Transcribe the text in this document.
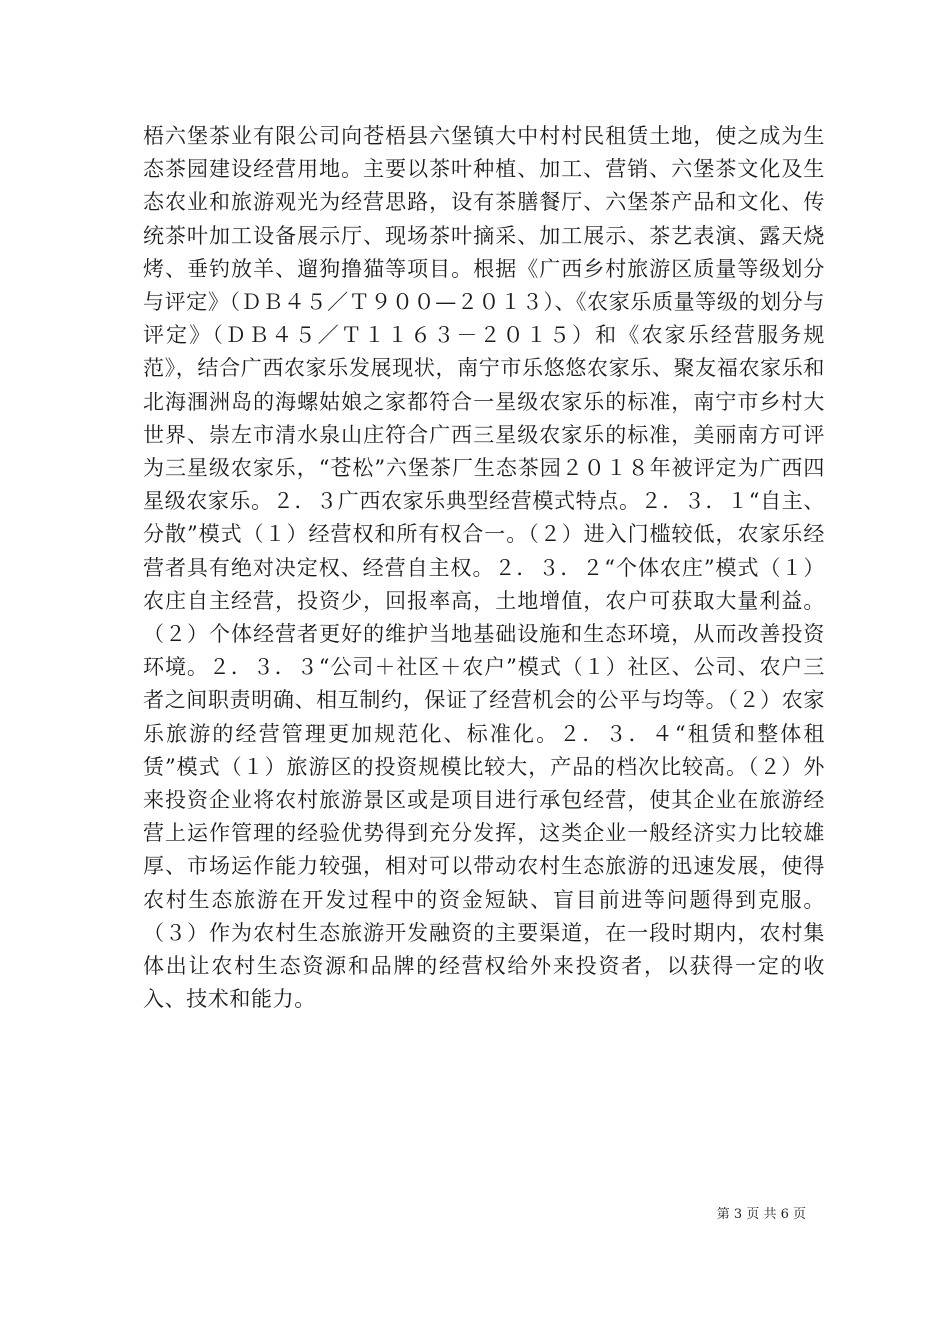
梧六堡茶业有限公司向苍梧县六堡镇大中村村民租赁土地，使之成为生态茶园建设经营用地。主要以茶叶种植、加工、营销、六堡茶文化及生态农业和旅游观光为经营思路，设有茶膳餐厅、六堡茶产品和文化、传统茶叶加工设备展示厅、现场茶叶摘采、加工展示、茶艺表演、露天烧烤、垂钓放羊、遛狗撸猫等项目。根据《广西乡村旅游区质量等级划分与评定》（ＤＢ４５／Ｔ９００—２０１３）、《农家乐质量等级的划分与评定》（ＤＢ４５／Ｔ１１６３－２０１５）和《农家乐经营服务规范》，结合广西农家乐发展现状，南宁市乐悠悠农家乐、聚友福农家乐和北海涠洲岛的海螺姑娘之家都符合一星级农家乐的标准，南宁市乡村大世界、崇左市清水泉山庄符合广西三星级农家乐的标准，美丽南方可评为三星级农家乐，“苍松”六堡茶厂生态茶园２０１８年被评定为广西四星级农家乐。２．３广西农家乐典型经营模式特点。２．３．１“自主、分散”模式（１）经营权和所有权合一。（２）进入门槛较低，农家乐经营者具有绝对决定权、经营自主权。２．３．２“个体农庄”模式（１）农庄自主经营，投资少，回报率高，土地增值，农户可获取大量利益。（２）个体经营者更好的维护当地基础设施和生态环境，从而改善投资环境。２．３．３“公司＋社区＋农户”模式（１）社区、公司、农户三者之间职责明确、相互制约，保证了经营机会的公平与均等。（２）农家乐旅游的经营管理更加规范化、标准化。２．３．４“租赁和整体租赁”模式（１）旅游区的投资规模比较大，产品的档次比较高。（２）外来投资企业将农村旅游景区或是项目进行承包经营，使其企业在旅游经营上运作管理的经验优势得到充分发挥，这类企业一般经济实力比较雄厚、市场运作能力较强，相对可以带动农村生态旅游的迅速发展，使得农村生态旅游在开发过程中的资金短缺、盲目前进等问题得到克服。（３）作为农村生态旅游开发融资的主要渠道，在一段时期内，农村集体出让农村生态资源和品牌的经营权给外来投资者，以获得一定的收入、技术和能力。

第 3 页 共 6 页
